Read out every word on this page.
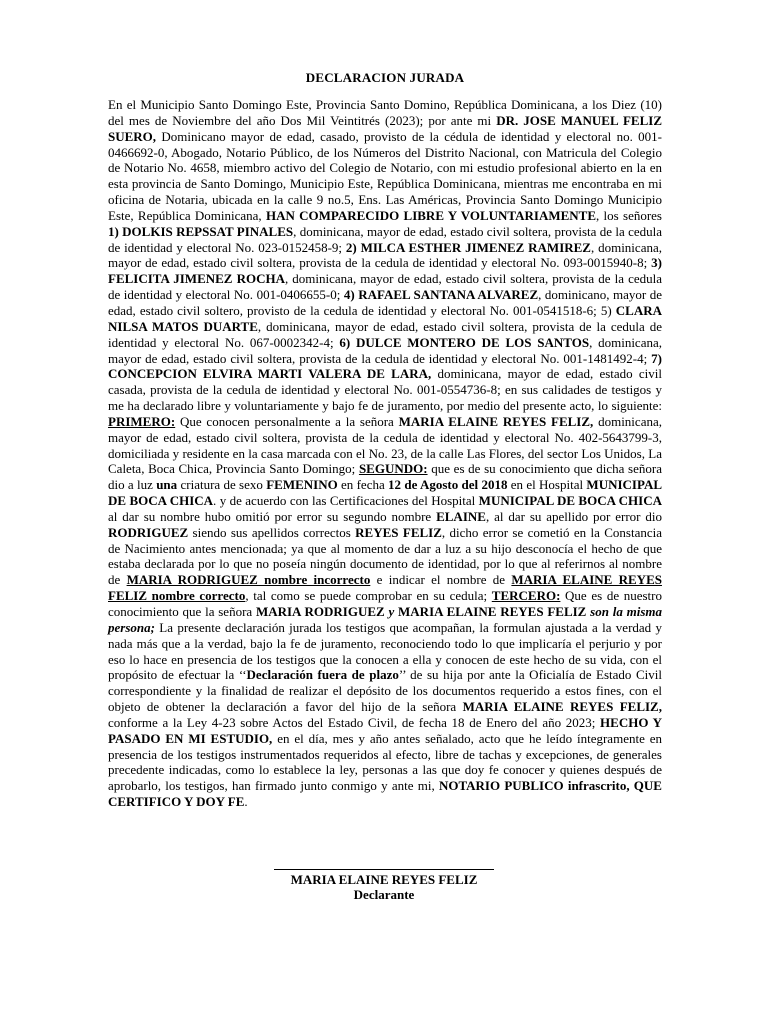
DECLARACION JURADA
En el Municipio Santo Domingo Este, Provincia Santo Domino, República Dominicana, a los Diez (10) del mes de Noviembre del año Dos Mil Veintitrés (2023); por ante mi DR. JOSE MANUEL FELIZ SUERO, Dominicano mayor de edad, casado, provisto de la cédula de identidad y electoral no. 001-0466692-0, Abogado, Notario Público, de los Números del Distrito Nacional, con Matricula del Colegio de Notario No. 4658, miembro activo del Colegio de Notario, con mi estudio profesional abierto en la en esta provincia de Santo Domingo, Municipio Este, República Dominicana, mientras me encontraba en mi oficina de Notaria, ubicada en la calle 9 no.5, Ens. Las Américas, Provincia Santo Domingo Municipio Este, República Dominicana, HAN COMPARECIDO LIBRE Y VOLUNTARIAMENTE, los señores 1) DOLKIS REPSSAT PINALES, dominicana, mayor de edad, estado civil soltera, provista de la cedula de identidad y electoral No. 023-0152458-9; 2) MILCA ESTHER JIMENEZ RAMIREZ, dominicana, mayor de edad, estado civil soltera, provista de la cedula de identidad y electoral No. 093-0015940-8; 3) FELICITA JIMENEZ ROCHA, dominicana, mayor de edad, estado civil soltera, provista de la cedula de identidad y electoral No. 001-0406655-0; 4) RAFAEL SANTANA ALVAREZ, dominicano, mayor de edad, estado civil soltero, provisto de la cedula de identidad y electoral No. 001-0541518-6; 5) CLARA NILSA MATOS DUARTE, dominicana, mayor de edad, estado civil soltera, provista de la cedula de identidad y electoral No. 067-0002342-4; 6) DULCE MONTERO DE LOS SANTOS, dominicana, mayor de edad, estado civil soltera, provista de la cedula de identidad y electoral No. 001-1481492-4; 7) CONCEPCION ELVIRA MARTI VALERA DE LARA, dominicana, mayor de edad, estado civil casada, provista de la cedula de identidad y electoral No. 001-0554736-8; en sus calidades de testigos y me ha declarado libre y voluntariamente y bajo fe de juramento, por medio del presente acto, lo siguiente: PRIMERO: Que conocen personalmente a la señora MARIA ELAINE REYES FELIZ, dominicana, mayor de edad, estado civil soltera, provista de la cedula de identidad y electoral No. 402-5643799-3, domiciliada y residente en la casa marcada con el No. 23, de la calle Las Flores, del sector Los Unidos, La Caleta, Boca Chica, Provincia Santo Domingo; SEGUNDO: que es de su conocimiento que dicha señora dio a luz una criatura de sexo FEMENINO en fecha 12 de Agosto del 2018 en el Hospital MUNICIPAL DE BOCA CHICA. y de acuerdo con las Certificaciones del Hospital MUNICIPAL DE BOCA CHICA al dar su nombre hubo omitió por error su segundo nombre ELAINE, al dar su apellido por error dio RODRIGUEZ siendo sus apellidos correctos REYES FELIZ, dicho error se cometió en la Constancia de Nacimiento antes mencionada; ya que al momento de dar a luz a su hijo desconocía el hecho de que estaba declarada por lo que no poseía ningún documento de identidad, por lo que al referirnos al nombre de MARIA RODRIGUEZ nombre incorrecto e indicar el nombre de MARIA ELAINE REYES FELIZ nombre correcto, tal como se puede comprobar en su cedula; TERCERO: Que es de nuestro conocimiento que la señora MARIA RODRIGUEZ y MARIA ELAINE REYES FELIZ son la misma persona; La presente declaración jurada los testigos que acompañan, la formulan ajustada a la verdad y nada más que a la verdad, bajo la fe de juramento, reconociendo todo lo que implicaría el perjurio y por eso lo hace en presencia de los testigos que la conocen a ella y conocen de este hecho de su vida, con el propósito de efectuar la ‘‘Declaración fuera de plazo’’ de su hija por ante la Oficialía de Estado Civil correspondiente y la finalidad de realizar el depósito de los documentos requerido a estos fines, con el objeto de obtener la declaración a favor del hijo de la señora MARIA ELAINE REYES FELIZ, conforme a la Ley 4-23 sobre Actos del Estado Civil, de fecha 18 de Enero del año 2023; HECHO Y PASADO EN MI ESTUDIO, en el día, mes y año antes señalado, acto que he leído íntegramente en presencia de los testigos instrumentados requeridos al efecto, libre de tachas y excepciones, de generales precedente indicadas, como lo establece la ley, personas a las que doy fe conocer y quienes después de aprobarlo, los testigos, han firmado junto conmigo y ante mi, NOTARIO PUBLICO infrascrito, QUE CERTIFICO Y DOY FE.
MARIA ELAINE REYES FELIZ
Declarante
